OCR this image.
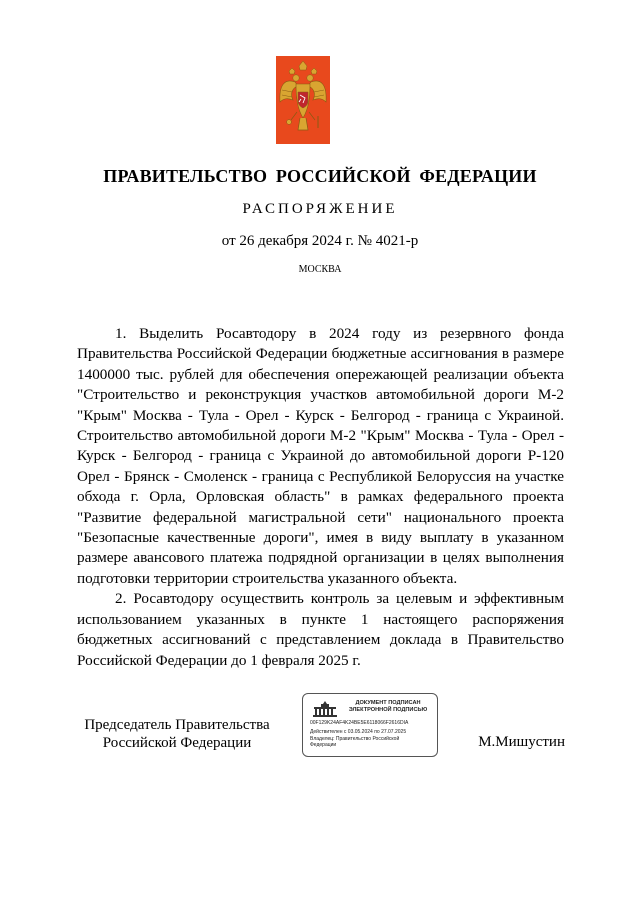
ПРАВИТЕЛЬСТВО РОССИЙСКОЙ ФЕДЕРАЦИИ
РАСПОРЯЖЕНИЕ
от 26 декабря 2024 г. № 4021-р
МОСКВА

1. Выделить Росавтодору в 2024 году из резервного фонда Правительства Российской Федерации бюджетные ассигнования в размере 1400000 тыс. рублей для обеспечения опережающей реализации объекта "Строительство и реконструкция участков автомобильной дороги М-2 "Крым" Москва - Тула - Орел - Курск - Белгород - граница с Украиной. Строительство автомобильной дороги М-2 "Крым" Москва - Тула - Орел - Курск - Белгород - граница с Украиной до автомобильной дороги Р-120 Орел - Брянск - Смоленск - граница с Республикой Белоруссия на участке обхода г. Орла, Орловская область" в рамках федерального проекта "Развитие федеральной магистральной сети" национального проекта "Безопасные качественные дороги", имея в виду выплату в указанном размере авансового платежа подрядной организации в целях выполнения подготовки территории строительства указанного объекта.

2. Росавтодору осуществить контроль за целевым и эффективным использованием указанных в пункте 1 настоящего распоряжения бюджетных ассигнований с представлением доклада в Правительство Российской Федерации до 1 февраля 2025 г.

Председатель Правительства
Российской Федерации
ДОКУМЕНТ ПОДПИСАН
ЭЛЕКТРОННОЙ ПОДПИСЬЮ
00F129K24AF4K24BE5E6118066F2616DIA
Действителен с 03.05.2024 по 27.07.2025
Владелец: Правительство Российской
Федерации	М.Мишустин
